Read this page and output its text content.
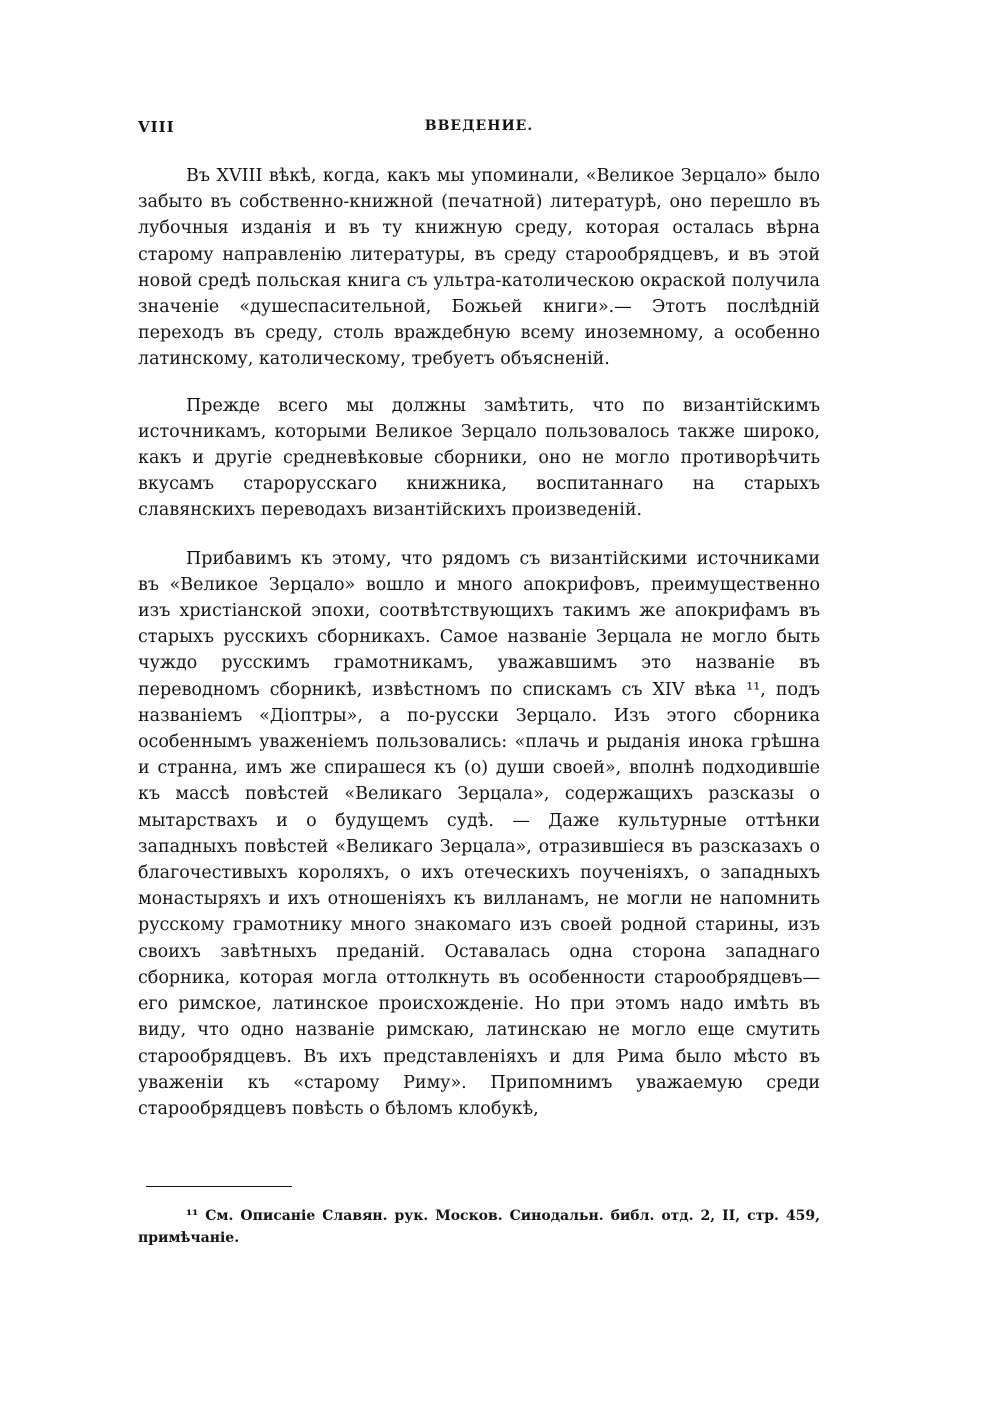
VIII	ВВЕДЕНИЕ.

Въ XVIII вѣкѣ, когда, какъ мы упоминали, «Великое Зерцало» было забыто въ собственно-книжной (печатной) литературѣ, оно перешло въ лубочныя изданія и въ ту книжную среду, которая осталась вѣрна старому направленію литературы, въ среду старообрядцевъ, и въ этой новой средѣ польская книга съ ультра-католическою окраской получила значеніе «душеспасительной, Божьей книги».— Этотъ послѣдній переходъ въ среду, столь враждебную всему иноземному, а особенно латинскому, католическому, требуетъ объясненій.

Прежде всего мы должны замѣтить, что по византійскимъ источникамъ, которыми Великое Зерцало пользовалось также широко, какъ и другіе средневѣковые сборники, оно не могло противорѣчить вкусамъ старорусскаго книжника, воспитаннаго на старыхъ славянскихъ переводахъ византійскихъ произведеній.

Прибавимъ къ этому, что рядомъ съ византійскими источниками въ «Великое Зерцало» вошло и много апокрифовъ, преимущественно изъ христіанской эпохи, соотвѣтствующихъ такимъ же апокрифамъ въ старыхъ русскихъ сборникахъ. Самое названіе Зерцала не могло быть чуждо русскимъ грамотникамъ, уважавшимъ это названіе въ переводномъ сборникѣ, извѣстномъ по спискамъ съ XIV вѣка ¹¹, подъ названіемъ «Діоптры», а по-русски Зерцало. Изъ этого сборника особеннымъ уваженіемъ пользовались: «плачь и рыданія инока грѣшна и странна, имъ же спирашеся къ (о) души своей», вполнѣ подходившіе къ массѣ повѣстей «Великаго Зерцала», содержащихъ разсказы о мытарствахъ и о будущемъ судѣ. — Даже культурные оттѣнки западныхъ повѣстей «Великаго Зерцала», отразившіеся въ разсказахъ о благочестивыхъ короляхъ, о ихъ отеческихъ поученіяхъ, о западныхъ монастыряхъ и ихъ отношеніяхъ къ вилланамъ, не могли не напомнить русскому грамотнику много знакомаго изъ своей родной старины, изъ своихъ завѣтныхъ преданій. Оставалась одна сторона западнаго сборника, которая могла оттолкнуть въ особенности старообрядцевъ—его римское, латинское происхожденіе. Но при этомъ надо имѣть въ виду, что одно названіе римскаю, латинскаю не могло еще смутить старообрядцевъ. Въ ихъ представленіяхъ и для Рима было мѣсто въ уваженіи къ «старому Риму». Припомнимъ уважаемую среди старообрядцевъ повѣсть о бѣломъ клобукѣ,

¹¹ См. Описаніе Славян. рук. Москов. Синодальн. библ. отд. 2, II, стр. 459, примѣчаніе.
